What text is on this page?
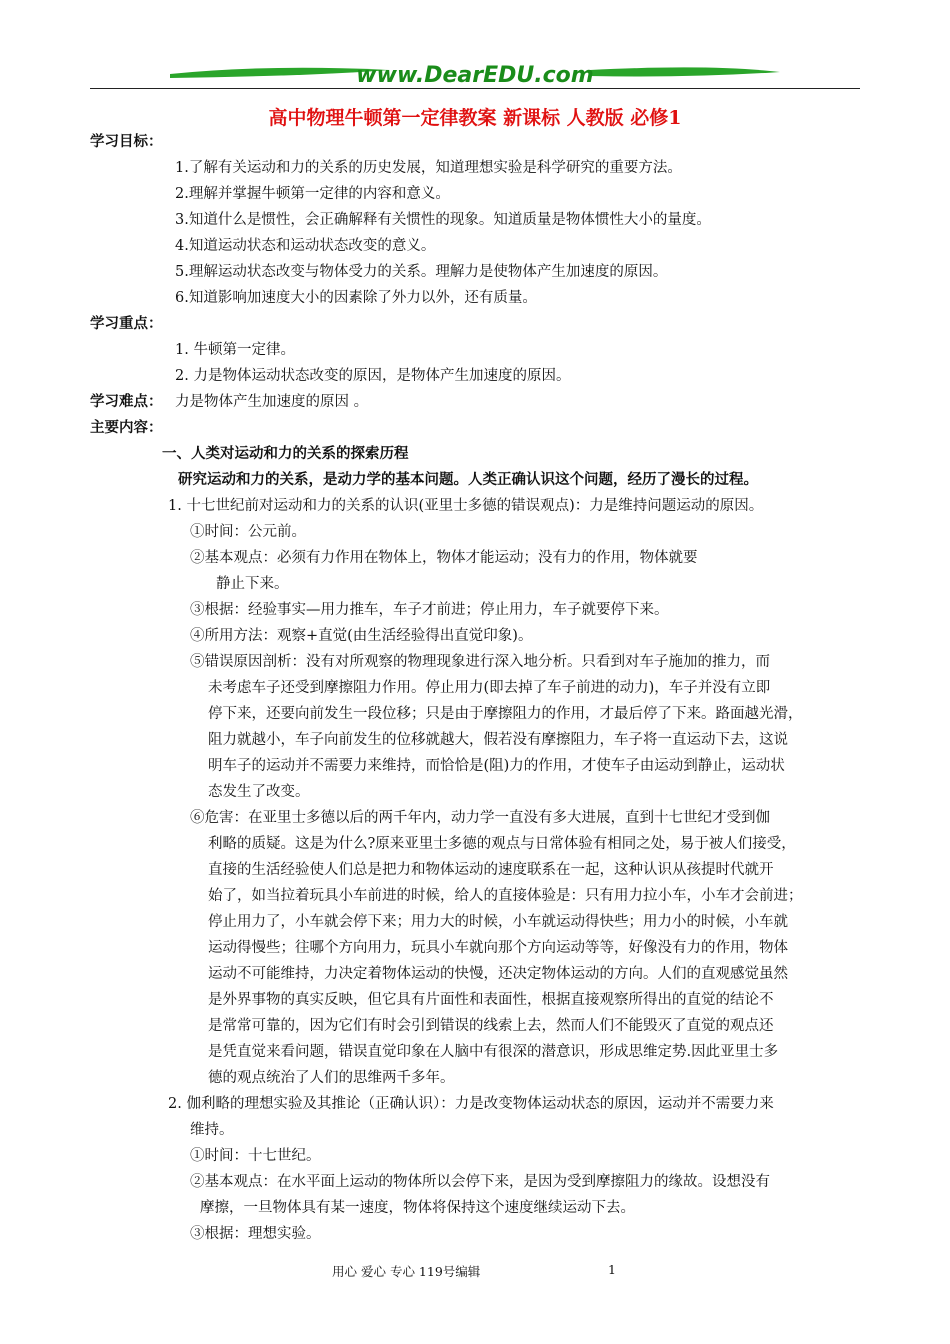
www.DearEDU.com
高中物理牛顿第一定律教案 新课标 人教版 必修1
学习目标：
1.了解有关运动和力的关系的历史发展，知道理想实验是科学研究的重要方法。
2.理解并掌握牛顿第一定律的内容和意义。
3.知道什么是惯性，会正确解释有关惯性的现象。知道质量是物体惯性大小的量度。
4.知道运动状态和运动状态改变的意义。
5.理解运动状态改变与物体受力的关系。理解力是使物体产生加速度的原因。
6.知道影响加速度大小的因素除了外力以外，还有质量。
学习重点：
1. 牛顿第一定律。
2. 力是物体运动状态改变的原因，是物体产生加速度的原因。
学习难点： 力是物体产生加速度的原因 。
主要内容：
一、人类对运动和力的关系的探索历程
研究运动和力的关系，是动力学的基本问题。人类正确认识这个问题，经历了漫长的过程。
1. 十七世纪前对运动和力的关系的认识(亚里士多德的错误观点)：力是维持问题运动的原因。
①时间：公元前。
②基本观点：必须有力作用在物体上，物体才能运动；没有力的作用，物体就要
静止下来。
③根据：经验事实—用力推车，车子才前进；停止用力，车子就要停下来。
④所用方法：观察+直觉(由生活经验得出直觉印象)。
⑤错误原因剖析：没有对所观察的物理现象进行深入地分析。只看到对车子施加的推力，而
未考虑车子还受到摩擦阻力作用。停止用力(即去掉了车子前进的动力)，车子并没有立即
停下来，还要向前发生一段位移；只是由于摩擦阻力的作用，才最后停了下来。路面越光滑，
阻力就越小，车子向前发生的位移就越大，假若没有摩擦阻力，车子将一直运动下去，这说
明车子的运动并不需要力来维持，而恰恰是(阻)力的作用，才使车子由运动到静止，运动状
态发生了改变。
⑥危害：在亚里士多德以后的两千年内，动力学一直没有多大进展，直到十七世纪才受到伽
利略的质疑。这是为什么?原来亚里士多德的观点与日常体验有相同之处，易于被人们接受，
直接的生活经验使人们总是把力和物体运动的速度联系在一起，这种认识从孩提时代就开
始了，如当拉着玩具小车前进的时候，给人的直接体验是：只有用力拉小车，小车才会前进；
停止用力了，小车就会停下来；用力大的时候，小车就运动得快些；用力小的时候，小车就
运动得慢些；往哪个方向用力，玩具小车就向那个方向运动等等，好像没有力的作用，物体
运动不可能维持，力决定着物体运动的快慢，还决定物体运动的方向。人们的直观感觉虽然
是外界事物的真实反映，但它具有片面性和表面性，根据直接观察所得出的直觉的结论不
是常常可靠的，因为它们有时会引到错误的线索上去，然而人们不能毁灭了直觉的观点还
是凭直觉来看问题，错误直觉印象在人脑中有很深的潜意识，形成思维定势.因此亚里士多
德的观点统治了人们的思维两千多年。
2. 伽利略的理想实验及其推论（正确认识）：力是改变物体运动状态的原因，运动并不需要力来
维持。
①时间：十七世纪。
②基本观点：在水平面上运动的物体所以会停下来，是因为受到摩擦阻力的缘故。设想没有
摩擦，一旦物体具有某一速度，物体将保持这个速度继续运动下去。
③根据：理想实验。
用心 爱心 专心 119号编辑	1
